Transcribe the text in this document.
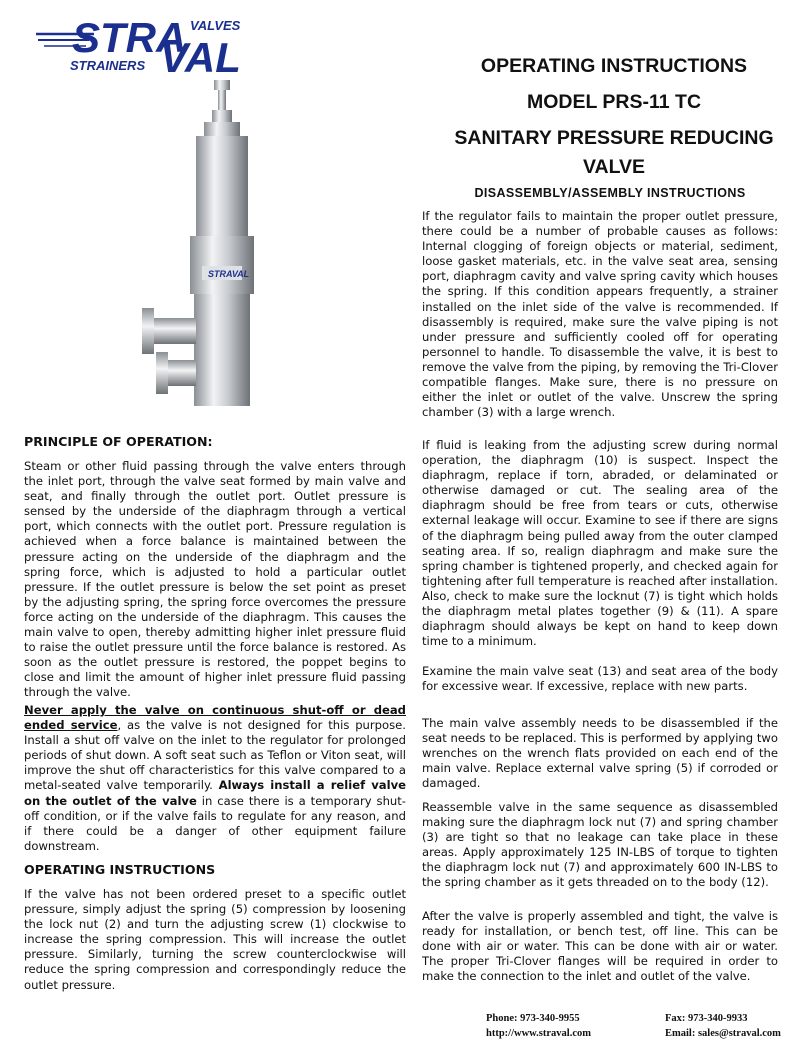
STRA
VAL
VALVES
STRAINERS
STRAVAL
OPERATING INSTRUCTIONS
MODEL PRS-11 TC
SANITARY PRESSURE REDUCING
VALVE
DISASSEMBLY/ASSEMBLY INSTRUCTIONS

If the regulator fails to maintain the proper outlet pressure, there could be a number of probable causes as follows: Internal clogging of foreign objects or material, sediment, loose gasket materials, etc. in the valve seat area, sensing port, diaphragm cavity and valve spring cavity which houses the spring. If this condition appears frequently, a strainer installed on the inlet side of the valve is recommended. If disassembly is required, make sure the valve piping is not under pressure and sufficiently cooled off for operating personnel to handle. To disassemble the valve, it is best to remove the valve from the piping, by removing the Tri-Clover compatible flanges. Make sure, there is no pressure on either the inlet or outlet of the valve. Unscrew the spring chamber (3) with a large wrench.

If fluid is leaking from the adjusting screw during normal operation, the diaphragm (10) is suspect. Inspect the diaphragm, replace if torn, abraded, or delaminated or otherwise damaged or cut. The sealing area of the diaphragm should be free from tears or cuts, otherwise external leakage will occur. Examine to see if there are signs of the diaphragm being pulled away from the outer clamped seating area. If so, realign diaphragm and make sure the spring chamber is tightened properly, and checked again for tightening after full temperature is reached after installation. Also, check to make sure the locknut (7) is tight which holds the diaphragm metal plates together (9) & (11). A spare diaphragm should always be kept on hand to keep down time to a minimum.

Examine the main valve seat (13) and seat area of the body for excessive wear. If excessive, replace with new parts.

The main valve assembly needs to be disassembled if the seat needs to be replaced. This is performed by applying two wrenches on the wrench flats provided on each end of the main valve. Replace external valve spring (5) if corroded or damaged.

Reassemble valve in the same sequence as disassembled making sure the diaphragm lock nut (7) and spring chamber (3) are tight so that no leakage can take place in these areas. Apply approximately 125 IN-LBS of torque to tighten the diaphragm lock nut (7) and approximately 600 IN-LBS to the spring chamber as it gets threaded on to the body (12).

After the valve is properly assembled and tight, the valve is ready for installation, or bench test, off line. This can be done with air or water. This can be done with air or water. The proper Tri-Clover flanges will be required in order to make the connection to the inlet and outlet of the valve.

PRINCIPLE OF OPERATION:

Steam or other fluid passing through the valve enters through the inlet port, through the valve seat formed by main valve and seat, and finally through the outlet port. Outlet pressure is sensed by the underside of the diaphragm through a vertical port, which connects with the outlet port. Pressure regulation is achieved when a force balance is maintained between the pressure acting on the underside of the diaphragm and the spring force, which is adjusted to hold a particular outlet pressure. If the outlet pressure is below the set point as preset by the adjusting spring, the spring force overcomes the pressure force acting on the underside of the diaphragm. This causes the main valve to open, thereby admitting higher inlet pressure fluid to raise the outlet pressure until the force balance is restored. As soon as the outlet pressure is restored, the poppet begins to close and limit the amount of higher inlet pressure fluid passing through the valve.

Never apply the valve on continuous shut-off or dead ended service, as the valve is not designed for this purpose. Install a shut off valve on the inlet to the regulator for prolonged periods of shut down. A soft seat such as Teflon or Viton seat, will improve the shut off characteristics for this valve compared to a metal-seated valve temporarily. Always install a relief valve on the outlet of the valve in case there is a temporary shut-off condition, or if the valve fails to regulate for any reason, and if there could be a danger of other equipment failure downstream.

OPERATING INSTRUCTIONS

If the valve has not been ordered preset to a specific outlet pressure, simply adjust the spring (5) compression by loosening the lock nut (2) and turn the adjusting screw (1) clockwise to increase the spring compression. This will increase the outlet pressure. Similarly, turning the screw counterclockwise will reduce the spring compression and correspondingly reduce the outlet pressure.

Phone: 973-340-9955	Fax: 973-340-9933
http://www.straval.com	Email: sales@straval.com
